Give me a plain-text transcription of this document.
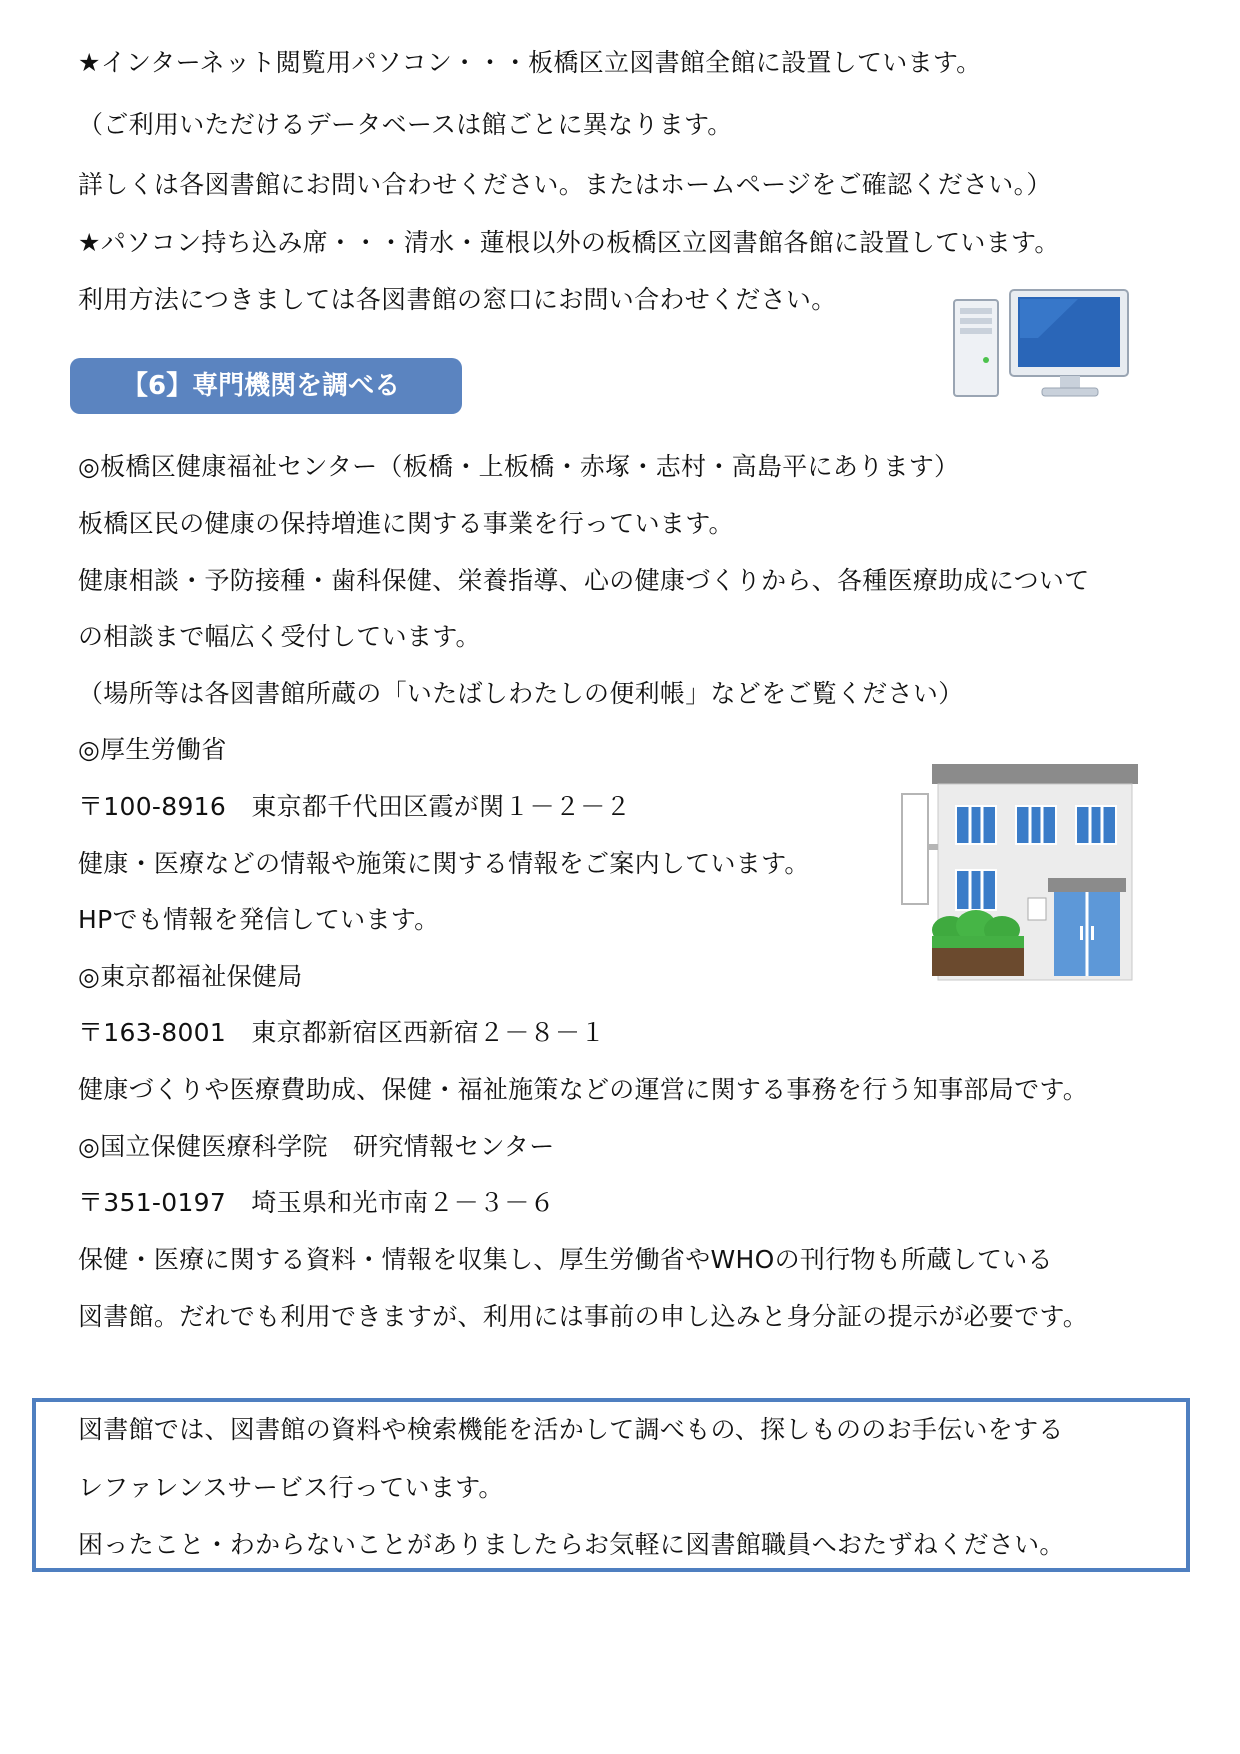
★インターネット閲覧用パソコン・・・板橋区立図書館全館に設置しています。
（ご利用いただけるデータベースは館ごとに異なります。
詳しくは各図書館にお問い合わせください。またはホームページをご確認ください。）
★パソコン持ち込み席・・・清水・蓮根以外の板橋区立図書館各館に設置しています。
利用方法につきましては各図書館の窓口にお問い合わせください。
【6】専門機関を調べる
◎板橋区健康福祉センター（板橋・上板橋・赤塚・志村・高島平にあります）
板橋区民の健康の保持増進に関する事業を行っています。
健康相談・予防接種・歯科保健、栄養指導、心の健康づくりから、各種医療助成について
の相談まで幅広く受付しています。
（場所等は各図書館所蔵の「いたばしわたしの便利帳」などをご覧ください）
◎厚生労働省
〒100-8916　東京都千代田区霞が関１－２－２
健康・医療などの情報や施策に関する情報をご案内しています。
HPでも情報を発信しています。
◎東京都福祉保健局
〒163-8001　東京都新宿区西新宿２－８－１
健康づくりや医療費助成、保健・福祉施策などの運営に関する事務を行う知事部局です。
◎国立保健医療科学院　研究情報センター
〒351-0197　埼玉県和光市南２－３－６
保健・医療に関する資料・情報を収集し、厚生労働省やWHOの刊行物も所蔵している
図書館。だれでも利用できますが、利用には事前の申し込みと身分証の提示が必要です。
図書館では、図書館の資料や検索機能を活かして調べもの、探しもののお手伝いをする
レファレンスサービス行っています。
困ったこと・わからないことがありましたらお気軽に図書館職員へおたずねください。
